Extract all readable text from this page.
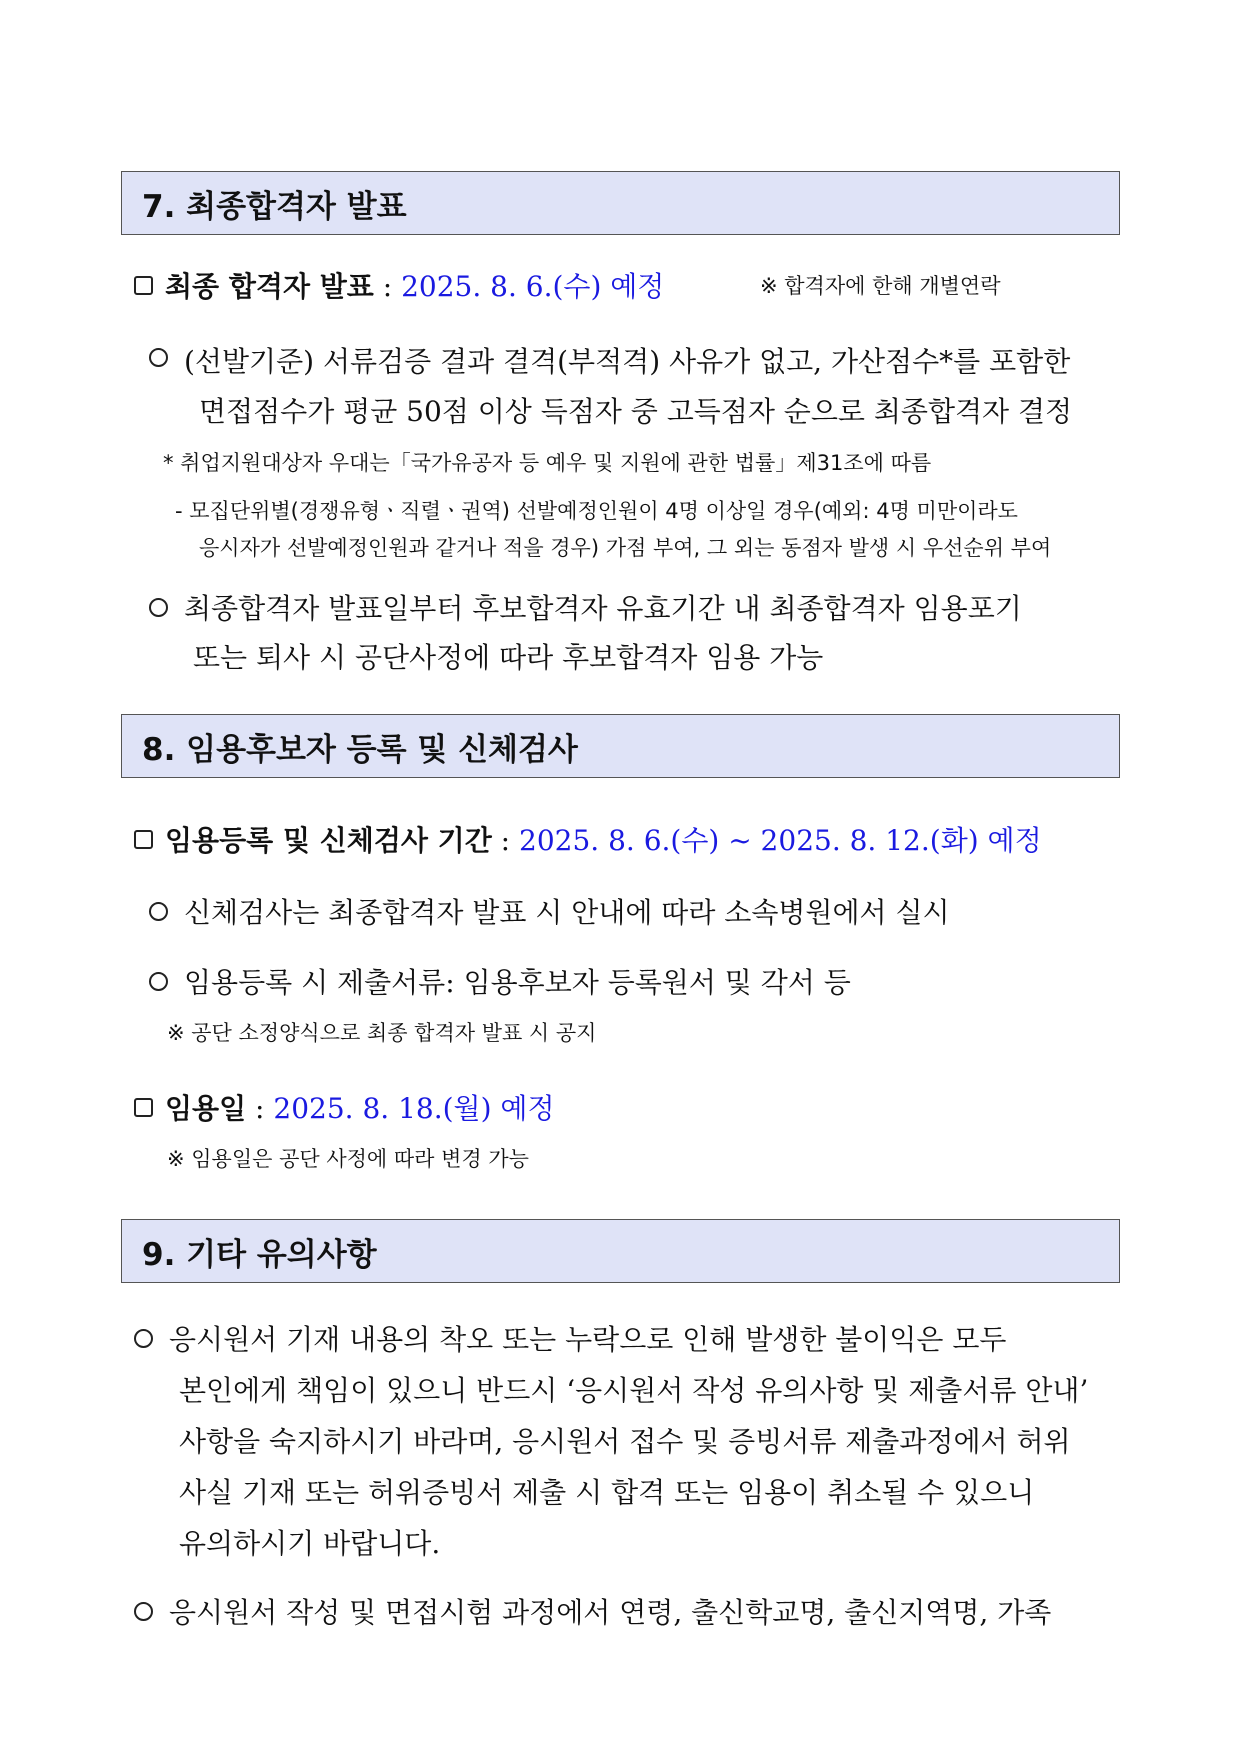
7. 최종합격자 발표
최종 합격자 발표 : 2025. 8. 6.(수) 예정	※ 합격자에 한해 개별연락
(선발기준) 서류검증 결과 결격(부적격) 사유가 없고, 가산점수*를 포함한
면접점수가 평균 50점 이상 득점자 중 고득점자 순으로 최종합격자 결정
* 취업지원대상자 우대는「국가유공자 등 예우 및 지원에 관한 법률」제31조에 따름
- 모집단위별(경쟁유형ㆍ직렬ㆍ권역) 선발예정인원이 4명 이상일 경우(예외: 4명 미만이라도
응시자가 선발예정인원과 같거나 적을 경우) 가점 부여, 그 외는 동점자 발생 시 우선순위 부여
최종합격자 발표일부터 후보합격자 유효기간 내 최종합격자 임용포기
또는 퇴사 시 공단사정에 따라 후보합격자 임용 가능
8. 임용후보자 등록 및 신체검사
임용등록 및 신체검사 기간 : 2025. 8. 6.(수) ~ 2025. 8. 12.(화) 예정
신체검사는 최종합격자 발표 시 안내에 따라 소속병원에서 실시
임용등록 시 제출서류: 임용후보자 등록원서 및 각서 등
※ 공단 소정양식으로 최종 합격자 발표 시 공지
임용일 : 2025. 8. 18.(월) 예정
※ 임용일은 공단 사정에 따라 변경 가능
9. 기타 유의사항
응시원서 기재 내용의 착오 또는 누락으로 인해 발생한 불이익은 모두
본인에게 책임이 있으니 반드시 ‘응시원서 작성 유의사항 및 제출서류 안내’
사항을 숙지하시기 바라며, 응시원서 접수 및 증빙서류 제출과정에서 허위
사실 기재 또는 허위증빙서 제출 시 합격 또는 임용이 취소될 수 있으니
유의하시기 바랍니다.
응시원서 작성 및 면접시험 과정에서 연령, 출신학교명, 출신지역명, 가족
